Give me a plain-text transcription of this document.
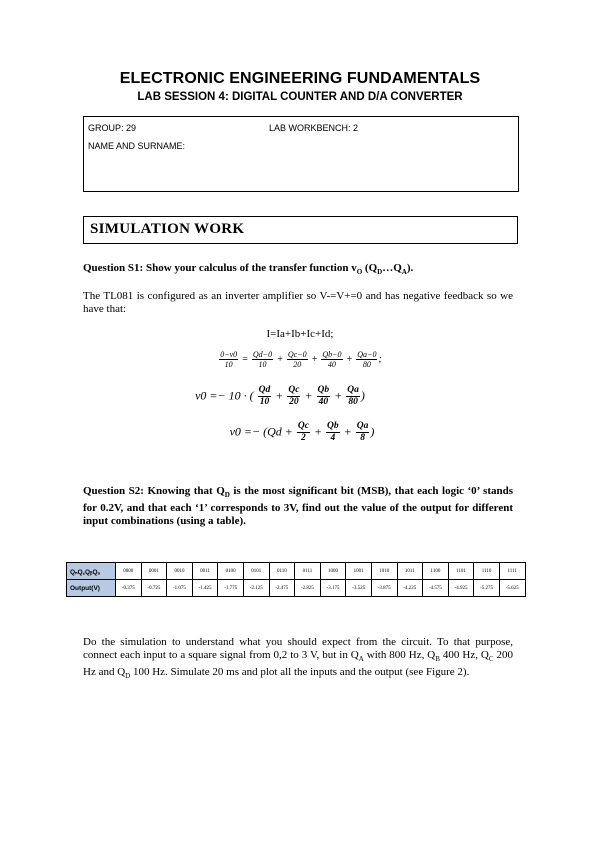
ELECTRONIC ENGINEERING FUNDAMENTALS
LAB SESSION 4: DIGITAL COUNTER AND D/A CONVERTER
GROUP: 29	LAB WORKBENCH: 2
NAME AND SURNAME:
SIMULATION WORK
Question S1: Show your calculus of the transfer function $v_O$ $(Q_D\dots Q_A)$.
The TL081 is configured as an inverter amplifier so V-=V+=0 and has negative feedback so we have that:
I=Ia+Ib+Ic+Id;
$\frac{0-v0}{10} = \frac{Qd-0}{10} + \frac{Qc-0}{20} + \frac{Qb-0}{40} + \frac{Qa-0}{80}$ ;
v0 =− 10 · ( $\frac{Qd}{10} + \frac{Qc}{20} + \frac{Qb}{40} + \frac{Qa}{80}$ )
$v0 =- (Qd + \frac{Qc}{2} + \frac{Qb}{4} + \frac{Qa}{8}$ )
Question S2: Knowing that $Q_D$ is the most significant bit (MSB), that each logic ‘0’ stands for 0.2V, and that each ‘1’ corresponds to 3V, find out the value of the output for different input combinations (using a table).
QₙQ꜀QᵦQₐ	0000	0001	0010	0011	0100	0101	0110	0111	1000	1001	1010	1011	1100	1101	1110	1111
Output(V)	-0.375	-0.725	-1.075	-1.425	-1.775	-2.125	-2.475	-2.825	-3.175	-3.525	-3.875	-4.225	-4.575	-4.925	-5.275	-5.625
Do the simulation to understand what you should expect from the circuit. To that purpose, connect each input to a square signal from 0,2 to 3 V, but in $Q_A$ with 800 Hz, $Q_B$ 400 Hz, $Q_C$ 200 Hz and $Q_D$ 100 Hz. Simulate 20 ms and plot all the inputs and the output (see Figure 2).
